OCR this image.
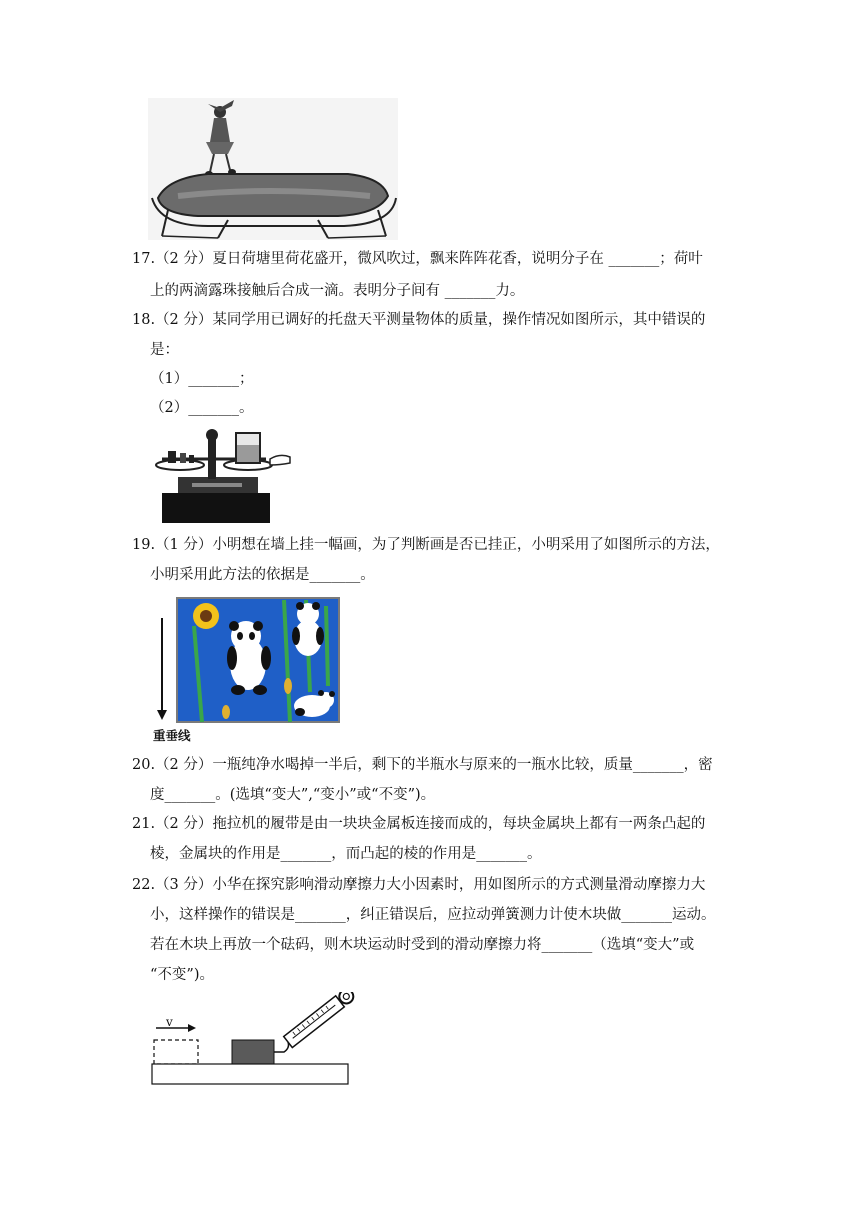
17.（2 分）夏日荷塘里荷花盛开，微风吹过，飘来阵阵花香，说明分子在 _______；荷叶
上的两滴露珠接触后合成一滴。表明分子间有 _______力。
18.（2 分）某同学用已调好的托盘天平测量物体的质量，操作情况如图所示，其中错误的
是：
（1）_______；
（2）_______。
19.（1 分）小明想在墙上挂一幅画，为了判断画是否已挂正，小明采用了如图所示的方法，
小明采用此方法的依据是_______。
重垂线
20.（2 分）一瓶纯净水喝掉一半后，剩下的半瓶水与原来的一瓶水比较，质量_______，密
度_______。(选填“变大”,“变小”或“不变”)。
21.（2 分）拖拉机的履带是由一块块金属板连接而成的，每块金属块上都有一两条凸起的
棱，金属块的作用是_______，而凸起的棱的作用是_______。
22.（3 分）小华在探究影响滑动摩擦力大小因素时，用如图所示的方式测量滑动摩擦力大
小，这样操作的错误是_______，纠正错误后，应拉动弹簧测力计使木块做_______运动。
若在木块上再放一个砝码，则木块运动时受到的滑动摩擦力将_______（选填“变大”或
“不变”)。
v
